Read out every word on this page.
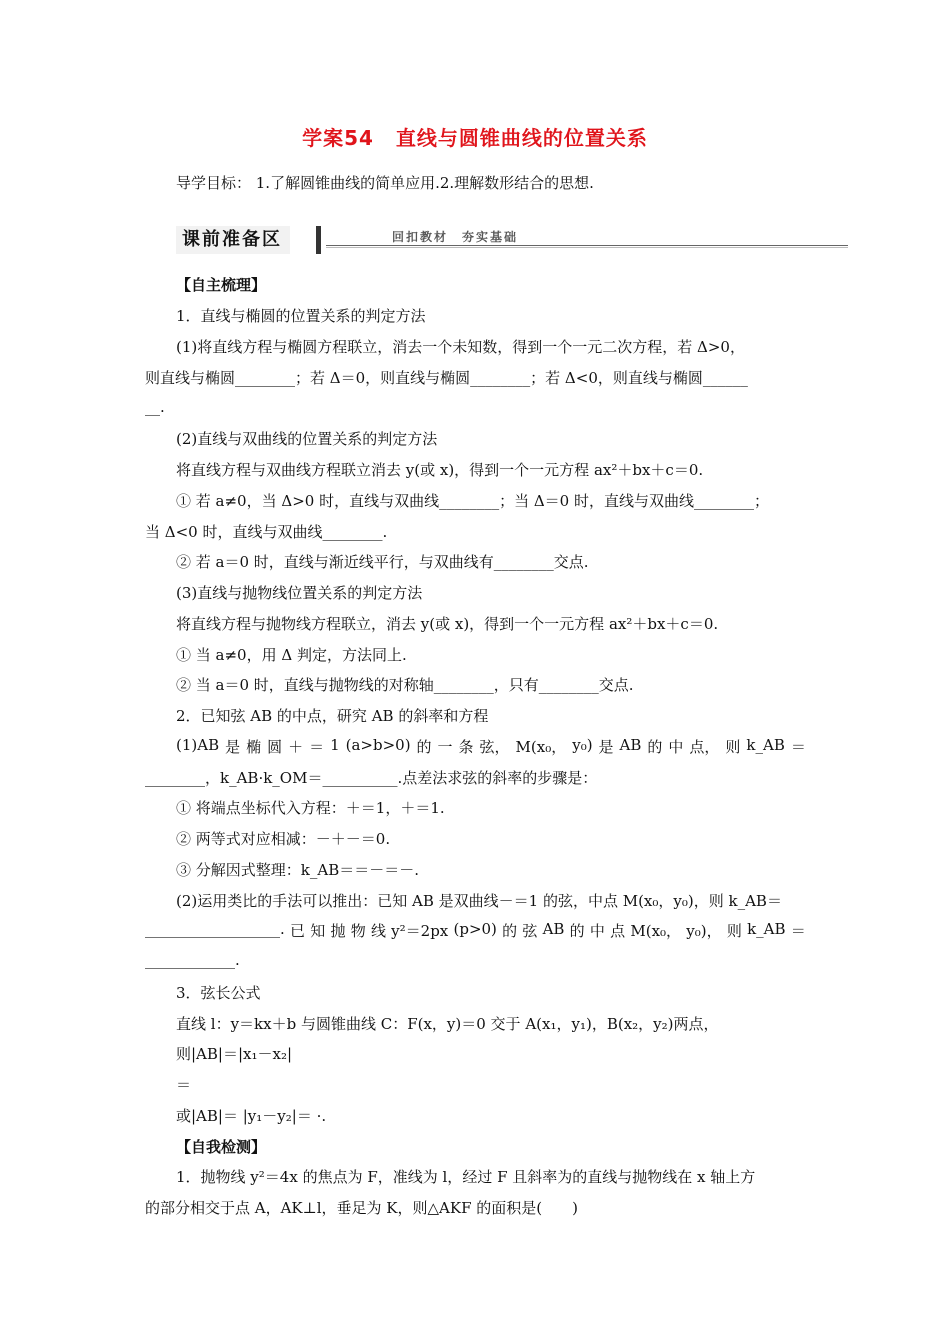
学案54 直线与圆锥曲线的位置关系
导学目标： 1.了解圆锥曲线的简单应用.2.理解数形结合的思想.
课前准备区	回扣教材 夯实基础
【自主梳理】
1．直线与椭圆的位置关系的判定方法
(1)将直线方程与椭圆方程联立，消去一个未知数，得到一个一元二次方程，若 Δ>0，
则直线与椭圆________；若 Δ＝0，则直线与椭圆________；若 Δ<0，则直线与椭圆______
__.
(2)直线与双曲线的位置关系的判定方法
将直线方程与双曲线方程联立消去 y(或 x)，得到一个一元方程 ax²＋bx＋c＝0.
① 若 a≠0，当 Δ>0 时，直线与双曲线________；当 Δ＝0 时，直线与双曲线________；
当 Δ<0 时，直线与双曲线________.
② 若 a＝0 时，直线与渐近线平行，与双曲线有________交点.
(3)直线与抛物线位置关系的判定方法
将直线方程与抛物线方程联立，消去 y(或 x)，得到一个一元方程 ax²＋bx＋c＝0.
① 当 a≠0，用 Δ 判定，方法同上.
② 当 a＝0 时，直线与抛物线的对称轴________，只有________交点.
2．已知弦 AB 的中点，研究 AB 的斜率和方程
(1)AB 是 椭 圆 ＋ ＝ 1 (a>b>0) 的 一 条 弦， M(x₀， y₀) 是 AB 的 中 点， 则 k_AB ＝
________，k_AB·k_OM＝__________.点差法求弦的斜率的步骤是：
① 将端点坐标代入方程：＋＝1，＋＝1.
② 两等式对应相减：－＋－＝0.
③ 分解因式整理：k_AB＝＝－＝－.
(2)运用类比的手法可以推出：已知 AB 是双曲线－＝1 的弦，中点 M(x₀，y₀)，则 k_AB＝
__________________. 已 知 抛 物 线 y²＝2px (p>0) 的 弦 AB 的 中 点 M(x₀， y₀)， 则 k_AB ＝
____________.
3．弦长公式
直线 l：y＝kx＋b 与圆锥曲线 C：F(x，y)＝0 交于 A(x₁，y₁)，B(x₂，y₂)两点，
则|AB|＝|x₁－x₂|
＝
或|AB|＝ |y₁－y₂|＝ ·.
【自我检测】
1．抛物线 y²＝4x 的焦点为 F，准线为 l，经过 F 且斜率为的直线与抛物线在 x 轴上方
的部分相交于点 A，AK⊥l，垂足为 K，则△AKF 的面积是(　　)
